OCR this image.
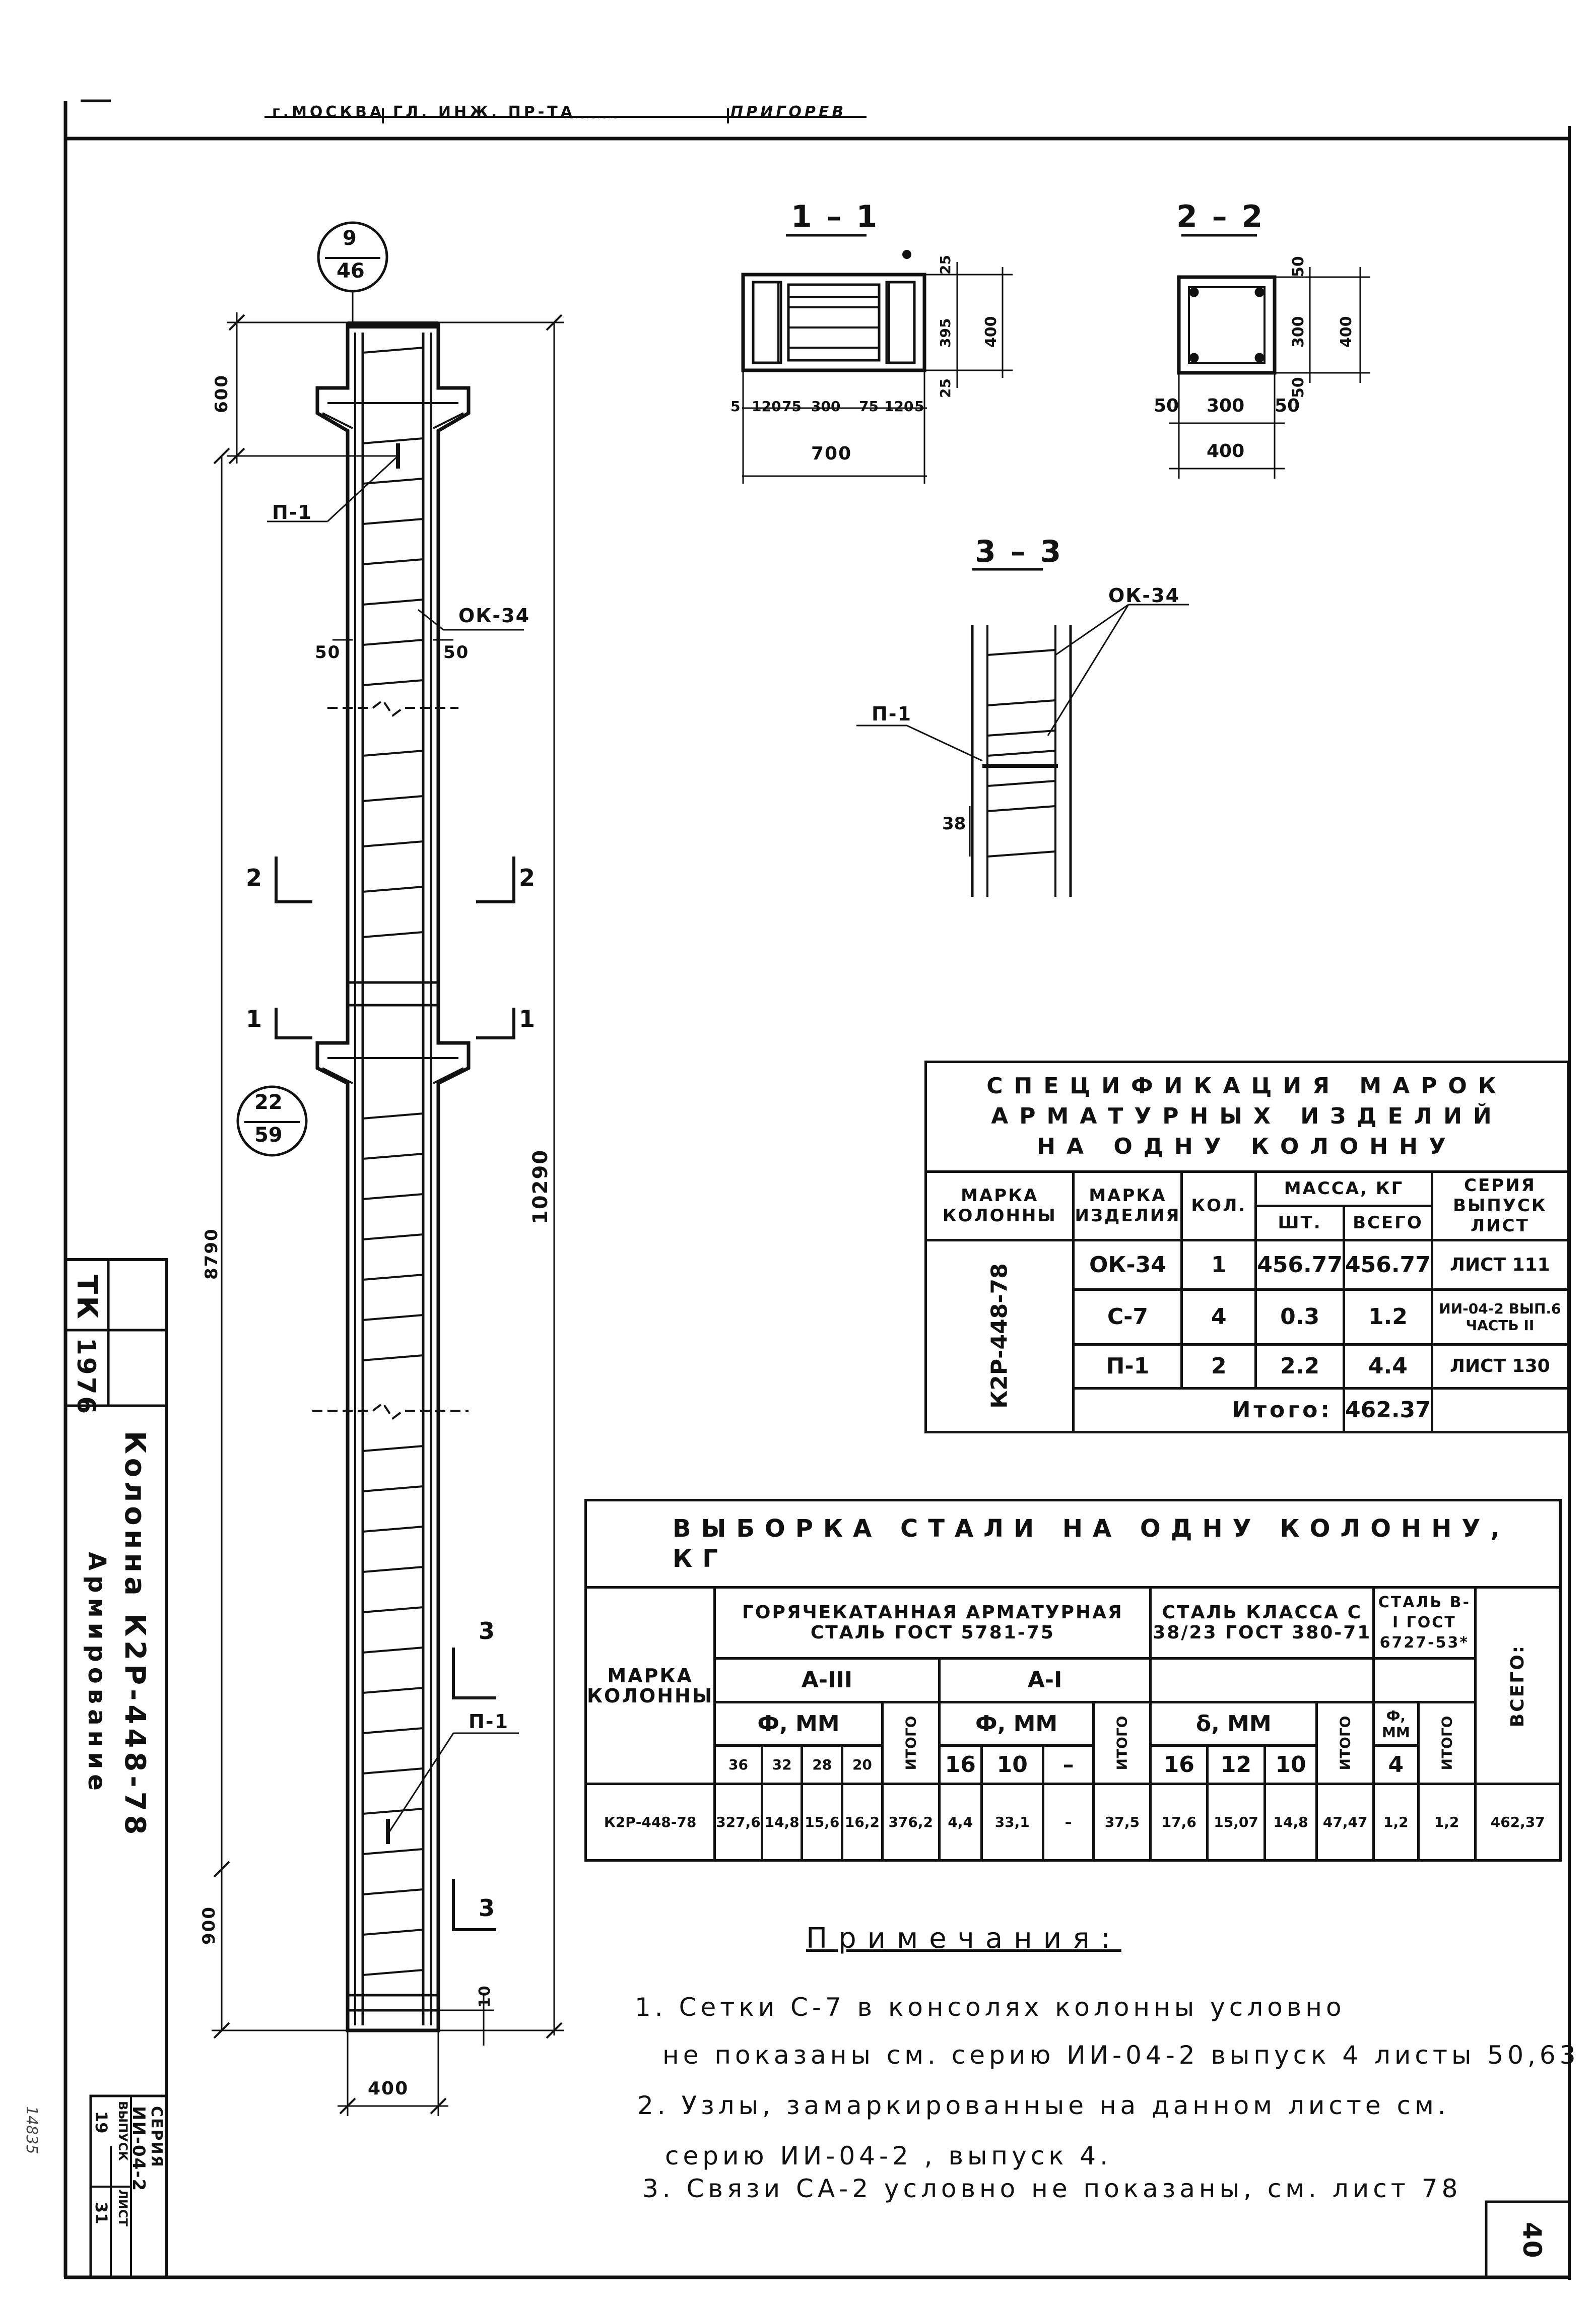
г.МОСКВА ГЛ. ИНЖ. ПР-ТА	ПРИГОРЕВ
~~~~~
9
46
22
59
600
10290
8790
900
10
400
50	50
П-1
ОК-34
П-1
2	2
1	1
3
3
1 – 1
5 120 75 300 75 120 5
700
25
395
25
400
2 – 2
50 300 50
400
50
300
50
400
3 – 3
ОК-34
П-1
38
СПЕЦИФИКАЦИЯ МАРОК
АРМАТУРНЫХ ИЗДЕЛИЙ
НА ОДНУ КОЛОННУ					

МАРКА КОЛОННЫ	МАРКА ИЗДЕЛИЯ	КОЛ.	МАССА, КГ		СЕРИЯ ВЫПУСК ЛИСТ
			ШТ.	ВСЕГО	

К2Р-448-78	ОК-34	1	456.77	456.77	ЛИСТ 111
	С-7	4	0.3	1.2	ИИ-04-2 ВЫП.6 ЧАСТЬ II
	П-1	2	2.2	4.4	ЛИСТ 130
	Итого:			462.37	
ВЫБОРКА СТАЛИ НА ОДНУ КОЛОННУ, КГ																
МАРКА КОЛОННЫ	ГОРЯЧЕКАТАННАЯ АРМАТУРНАЯ СТАЛЬ ГОСТ 5781-75									СТАЛЬ КЛАССА С 38/23 ГОСТ 380-71				СТАЛЬ В-I ГОСТ 6727-53*		ВСЕГО:

	А-III					А-I										
	Ф, ММ				ИТОГО	Ф, ММ			ИТОГО	δ, ММ			ИТОГО	Ф, ММ	ИТОГО	

	36	32	28	20		16	10	–		16	12	10		4		
К2Р-448-78	327,6	14,8	15,6	16,2	376,2	4,4	33,1	–	37,5	17,6	15,07	14,8	47,47	1,2	1,2	462,37
Примечания:
1. Сетки С-7 в консолях колонны условно
не показаны см. серию ИИ-04-2 выпуск 4 листы 50,63
2. Узлы, замаркированные на данном листе см.
серию ИИ-04-2 , выпуск 4.
3. Связи СА-2 условно не показаны, см. лист 78
ТК
1976
Колонна К2Р-448-78
Армирование
СЕРИЯ
ИИ-04-2
ВЫПУСК
ЛИСТ
19
31
40
14835
